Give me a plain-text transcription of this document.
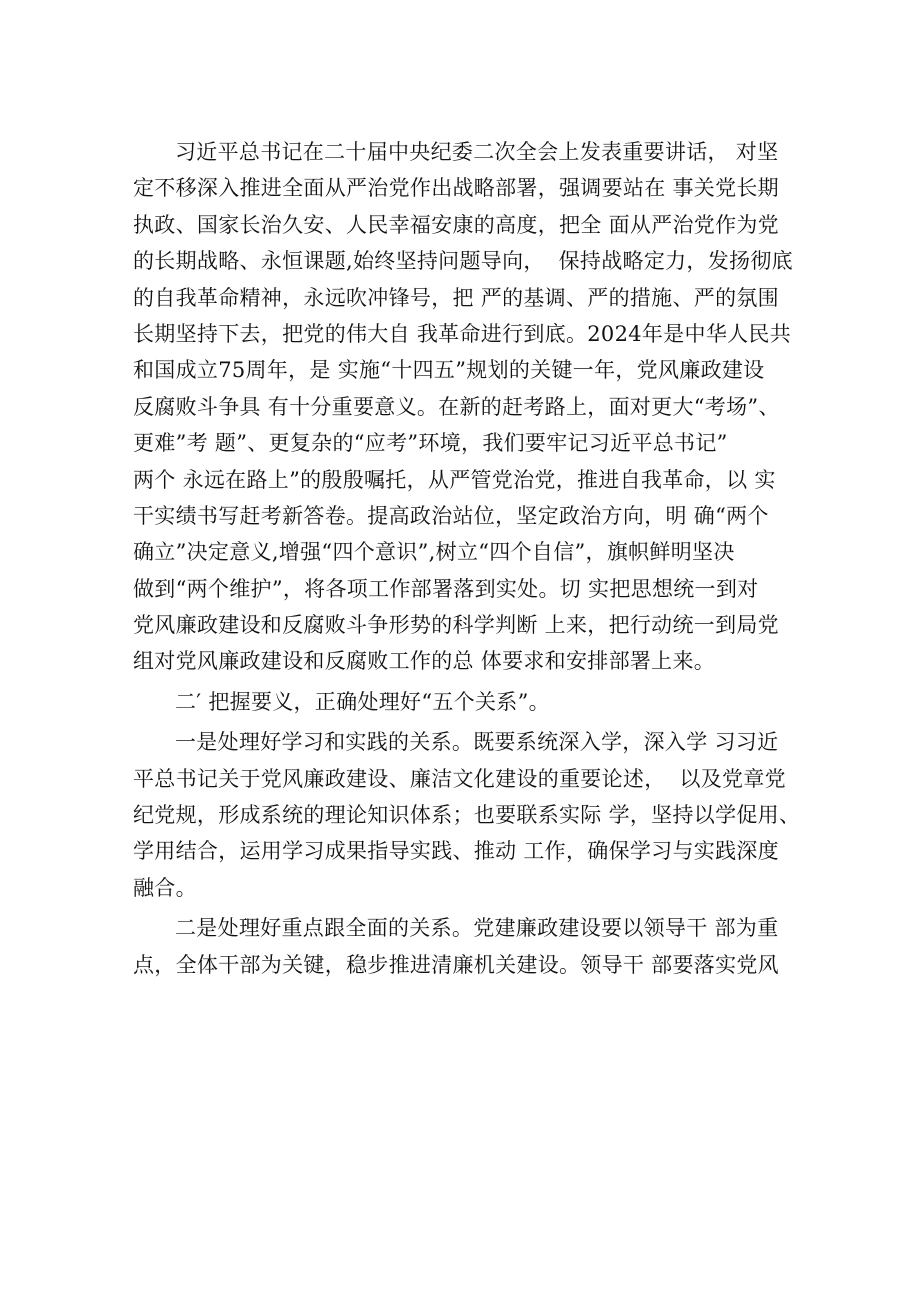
习近平总书记在二十届中央纪委二次全会上发表重要讲话， 对坚
定不移深入推进全面从严治党作出战略部署，强调要站在 事关党长期
执政、国家长治久安、人民幸福安康的高度，把全 面从严治党作为党
的长期战略、永恒课题,始终坚持问题导向，  保持战略定力，发扬彻底
的自我革命精神，永远吹冲锋号，把 严的基调、严的措施、严的氛围
长期坚持下去，把党的伟大自 我革命进行到底。2024年是中华人民共
和国成立75周年，是 实施“十四五”规划的关键一年，党风廉政建设
反腐败斗争具 有十分重要意义。在新的赶考路上，面对更大“考场”、
更难”考 题”、更复杂的“应考”环境，我们要牢记习近平总书记”
两个 永远在路上”的殷殷嘱托，从严管党治党，推进自我革命，以 实
干实绩书写赶考新答卷。提高政治站位，坚定政治方向，明 确“两个
确立”决定意义,增强“四个意识”,树立“四个自信”，旗帜鲜明坚决
做到“两个维护”，将各项工作部署落到实处。切 实把思想统一到对
党风廉政建设和反腐败斗争形势的科学判断 上来，把行动统一到局党
组对党风廉政建设和反腐败工作的总 体要求和安排部署上来。
二′ 把握要义，正确处理好“五个关系”。
一是处理好学习和实践的关系。既要系统深入学，深入学 习习近
平总书记关于党风廉政建设、廉洁文化建设的重要论述，  以及党章党
纪党规，形成系统的理论知识体系；也要联系实际 学，坚持以学促用、
学用结合，运用学习成果指导实践、推动 工作，确保学习与实践深度
融合。
二是处理好重点跟全面的关系。党建廉政建设要以领导干 部为重
点，全体干部为关键，稳步推进清廉机关建设。领导干 部要落实党风
